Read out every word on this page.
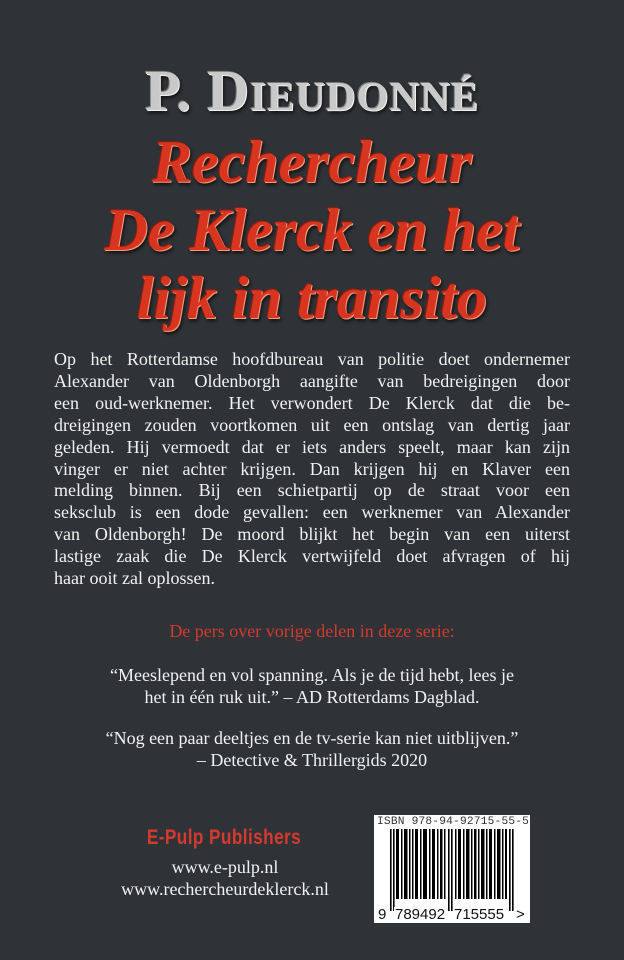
P. Dieudonné
Rechercheur
De Klerck en het
lijk in transito
Op het Rotterdamse hoofdbureau van politie doet ondernemer
Alexander van Oldenborgh aangifte van bedreigingen door
een oud-werknemer. Het verwondert De Klerck dat die be-
dreigingen zouden voortkomen uit een ontslag van dertig jaar
geleden. Hij vermoedt dat er iets anders speelt, maar kan zijn
vinger er niet achter krijgen. Dan krijgen hij en Klaver een
melding binnen. Bij een schietpartij op de straat voor een
seksclub is een dode gevallen: een werknemer van Alexander
van Oldenborgh! De moord blijkt het begin van een uiterst
lastige zaak die De Klerck vertwijfeld doet afvragen of hij
haar ooit zal oplossen.
De pers over vorige delen in deze serie:
“Meeslepend en vol spanning. Als je de tijd hebt, lees je
het in één ruk uit.” – AD Rotterdams Dagblad.
“Nog een paar deeltjes en de tv-serie kan niet uitblijven.”
– Detective & Thrillergids 2020
E-Pulp Publishers
www.e-pulp.nl
www.rechercheurdeklerck.nl
ISBN 978-94-92715-55-5
9 789492 715555 >
